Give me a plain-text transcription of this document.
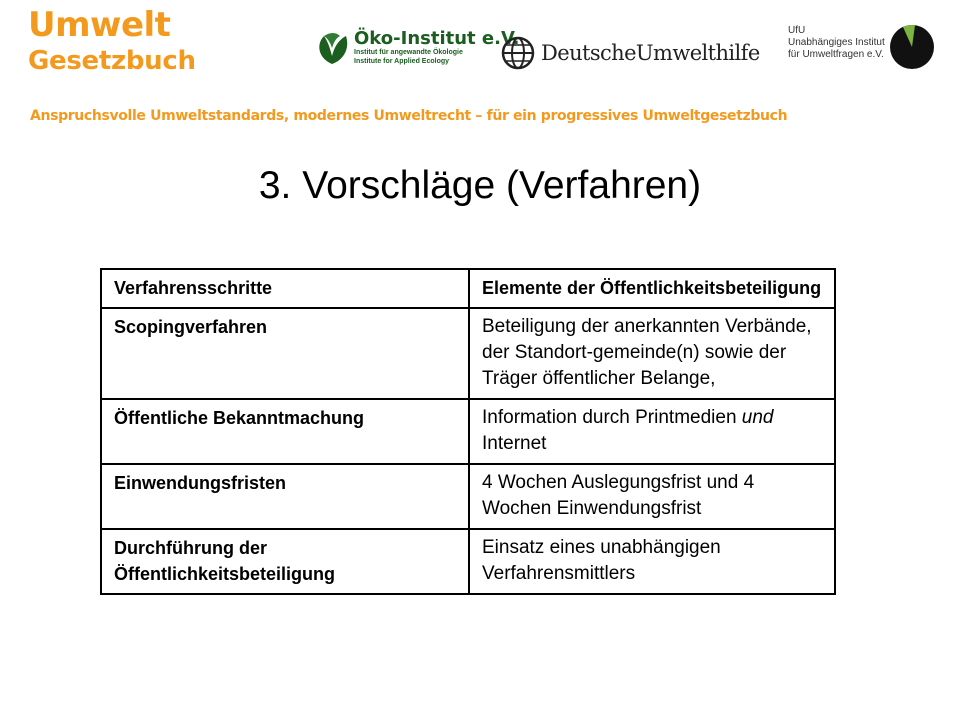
Umwelt
Gesetzbuch
Öko-Institut e.V.
Institut für angewandte Ökologie
Institute for Applied Ecology	DeutscheUmwelthilfe
UfU
Unabhängiges Institut
für Umweltfragen e.V.
Anspruchsvolle Umweltstandards, modernes Umweltrecht – für ein progressives Umweltgesetzbuch
3. Vorschläge (Verfahren)
Verfahrensschritte	Elemente der Öffentlichkeitsbeteiligung
Scopingverfahren	Beteiligung der anerkannten Verbände, der Standort-gemeinde(n) sowie der Träger öffentlicher Belange,
Öffentliche Bekanntmachung	Information durch Printmedien und Internet
Einwendungsfristen	4 Wochen Auslegungsfrist und 4 Wochen Einwendungsfrist
Durchführung der Öffentlichkeitsbeteiligung	Einsatz eines unabhängigen Verfahrensmittlers
